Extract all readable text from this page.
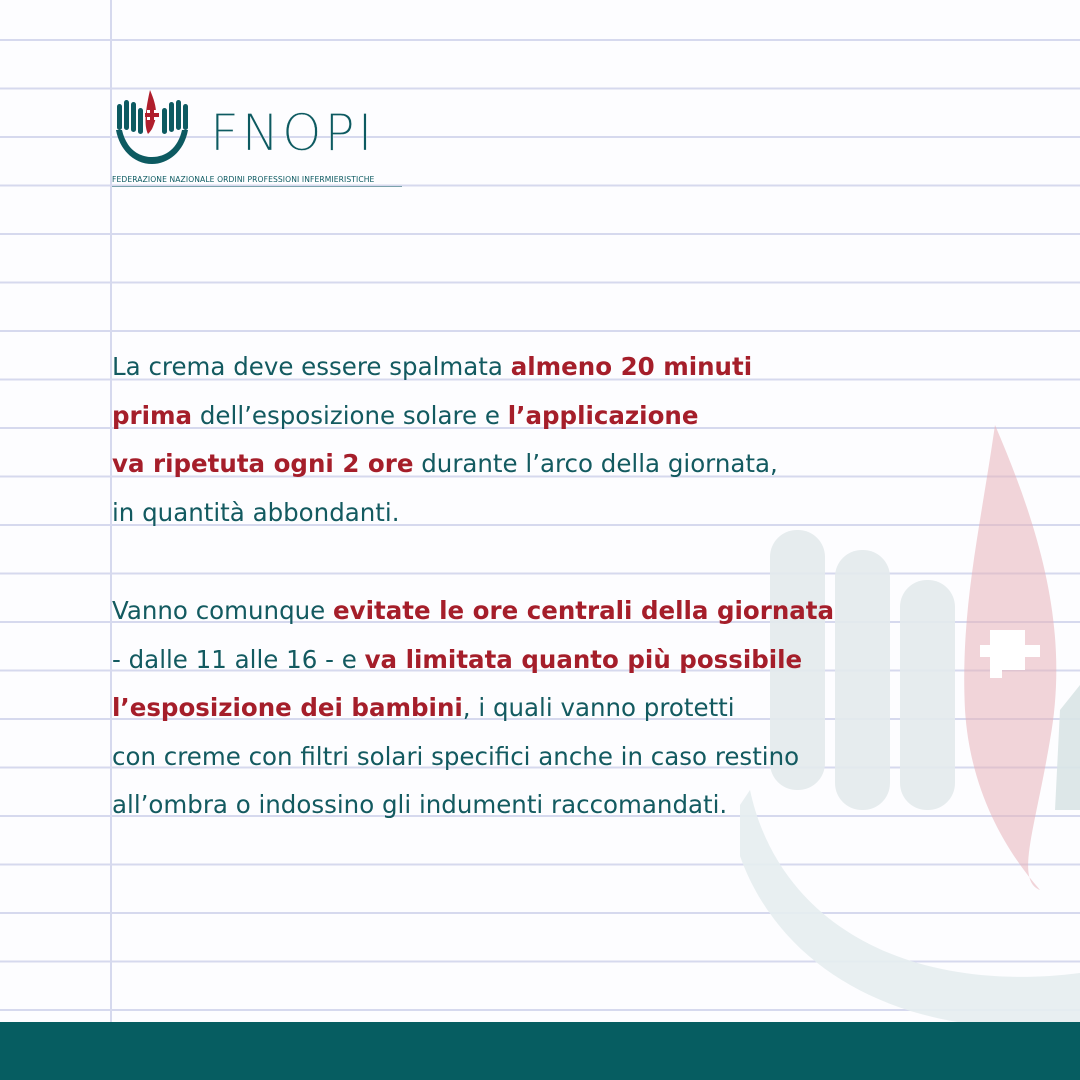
FNOPI
FEDERAZIONE NAZIONALE ORDINI PROFESSIONI INFERMIERISTICHE
La crema deve essere spalmata almeno 20 minuti
prima dell’esposizione solare e l’applicazione
va ripetuta ogni 2 ore durante l’arco della giornata,
in quantità abbondanti.
Vanno comunque evitate le ore centrali della giornata
- dalle 11 alle 16 - e va limitata quanto più possibile
l’esposizione dei bambini, i quali vanno protetti
con creme con filtri solari specifici anche in caso restino
all’ombra o indossino gli indumenti raccomandati.
